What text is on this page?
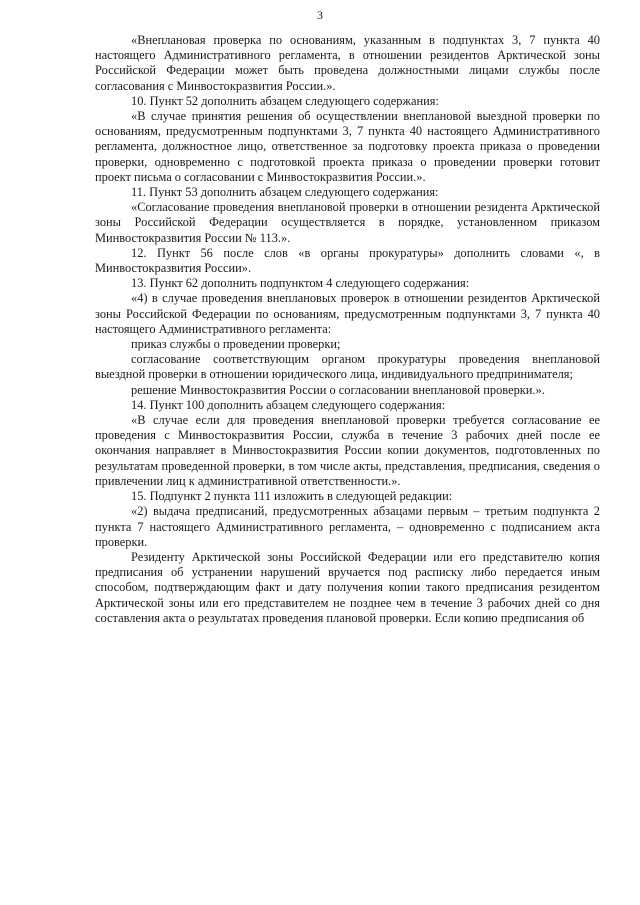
3

«Внеплановая проверка по основаниям, указанным в подпунктах 3, 7 пункта 40 настоящего Административного регламента, в отношении резидентов Арктической зоны Российской Федерации может быть проведена должностными лицами службы после согласования с Минвостокразвития России.».

10. Пункт 52 дополнить абзацем следующего содержания:

«В случае принятия решения об осуществлении внеплановой выездной проверки по основаниям, предусмотренным подпунктами 3, 7 пункта 40 настоящего Административного регламента, должностное лицо, ответственное за подготовку проекта приказа о проведении проверки, одновременно с подготовкой проекта приказа о проведении проверки готовит проект письма о согласовании с Минвостокразвития России.».

11. Пункт 53 дополнить абзацем следующего содержания:

«Согласование проведения внеплановой проверки в отношении резидента Арктической зоны Российской Федерации осуществляется в порядке, установленном приказом Минвостокразвития России № 113.».

12. Пункт 56 после слов «в органы прокуратуры» дополнить словами «, в Минвостокразвития России».

13. Пункт 62 дополнить подпунктом 4 следующего содержания:

«4) в случае проведения внеплановых проверок в отношении резидентов Арктической зоны Российской Федерации по основаниям, предусмотренным подпунктами 3, 7 пункта 40 настоящего Административного регламента:

приказ службы о проведении проверки;

согласование соответствующим органом прокуратуры проведения внеплановой выездной проверки в отношении юридического лица, индивидуального предпринимателя;

решение Минвостокразвития России о согласовании внеплановой проверки.».

14. Пункт 100 дополнить абзацем следующего содержания:

«В случае если для проведения внеплановой проверки требуется согласование ее проведения с Минвостокразвития России, служба в течение 3 рабочих дней после ее окончания направляет в Минвостокразвития России копии документов, подготовленных по результатам проведенной проверки, в том числе акты, представления, предписания, сведения о привлечении лиц к административной ответственности.».

15. Подпункт 2 пункта 111 изложить в следующей редакции:

«2) выдача предписаний, предусмотренных абзацами первым – третьим подпункта 2 пункта 7 настоящего Административного регламента, – одновременно с подписанием акта проверки.

Резиденту Арктической зоны Российской Федерации или его представителю копия предписания об устранении нарушений вручается под расписку либо передается иным способом, подтверждающим факт и дату получения копии такого предписания резидентом Арктической зоны или его представителем не позднее чем в течение 3 рабочих дней со дня составления акта о результатах проведения плановой проверки. Если копию предписания об
